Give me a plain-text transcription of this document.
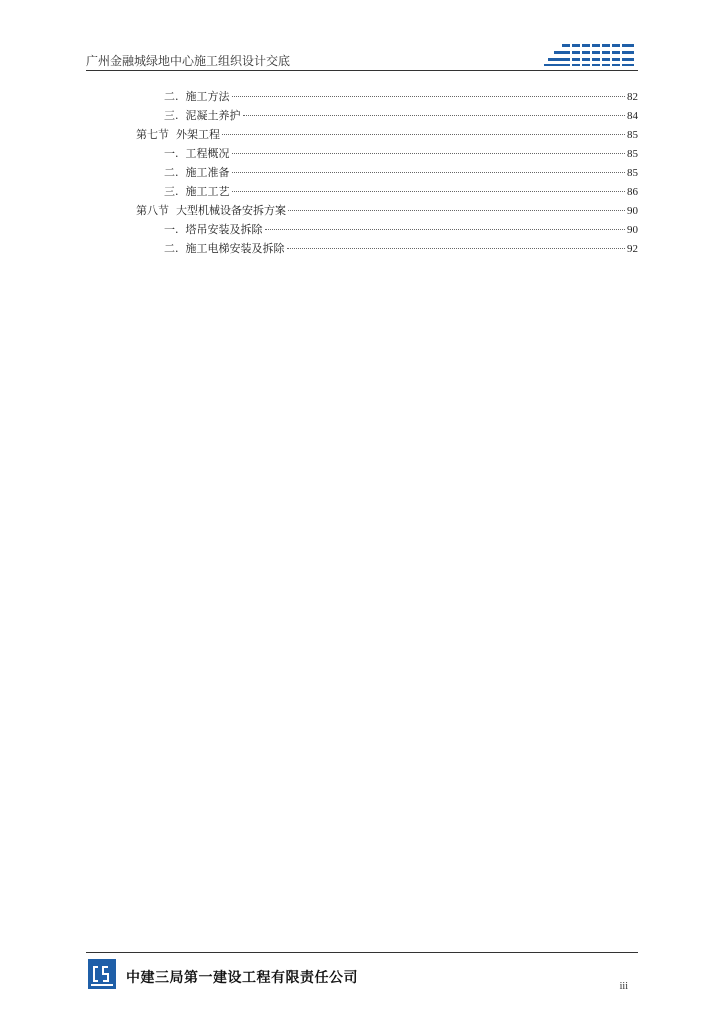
广州金融城绿地中心施工组织设计交底
二.  施工方法	82
三.  泥凝土养护	84
第七节  外架工程	85
一.  工程概况	85
二.  施工准备	85
三.  施工工艺	86
第八节  大型机械设备安拆方案	90
一.  塔吊安装及拆除	90
二.  施工电梯安装及拆除	92
中建三局第一建设工程有限责任公司
iii
